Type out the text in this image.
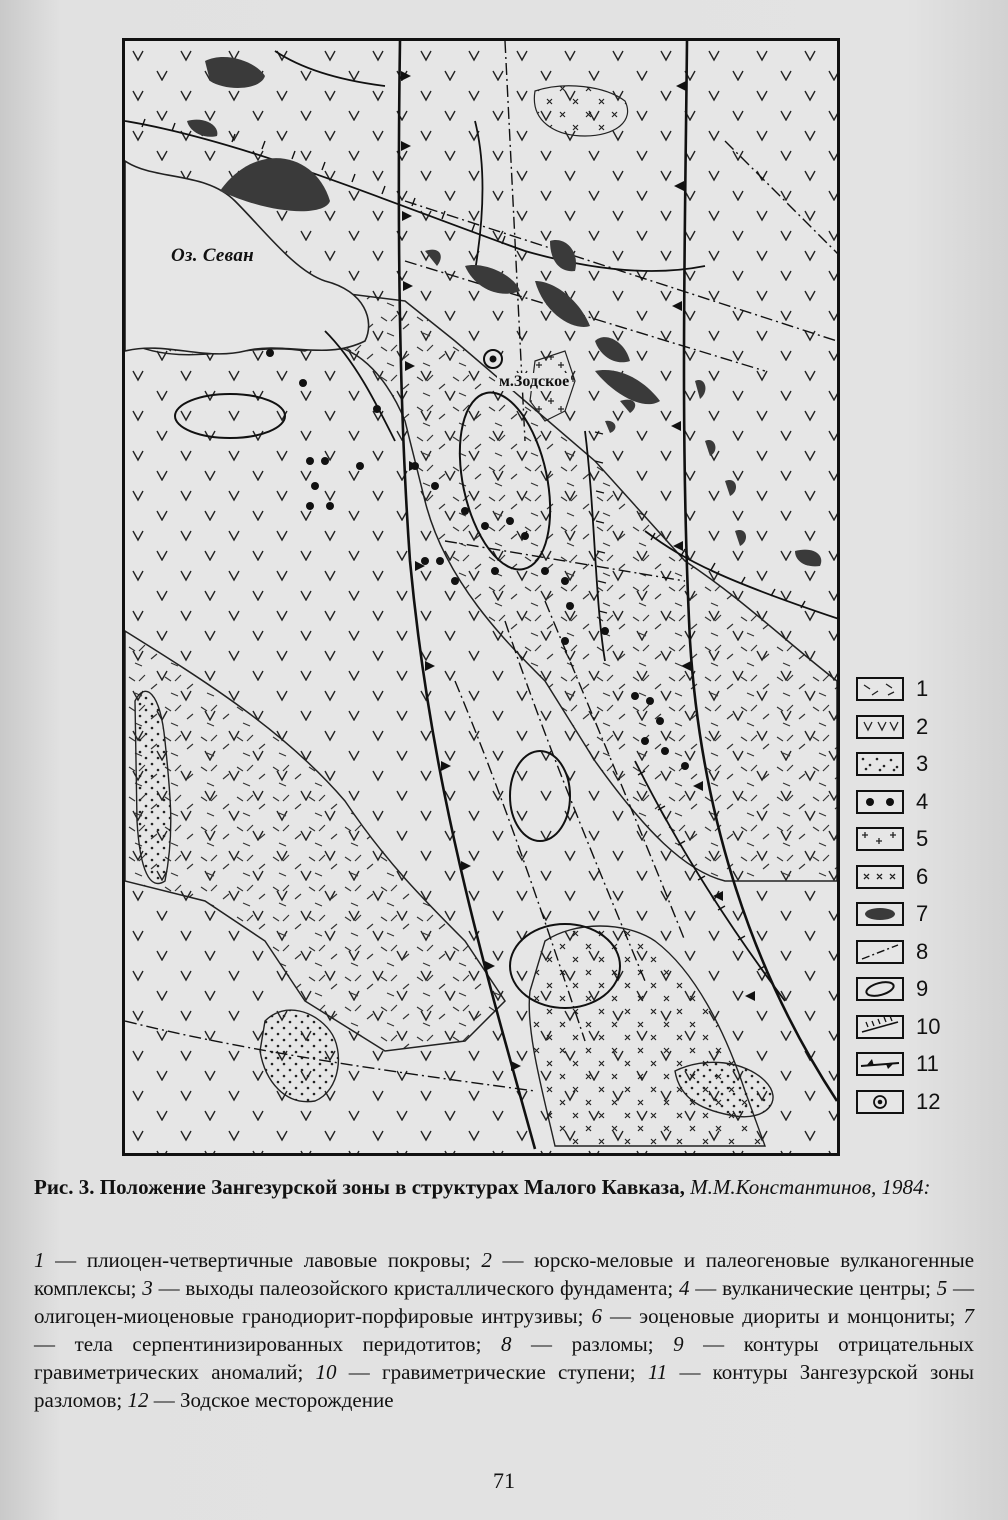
Оз. Севан
м.Зодское
1
2
3
4
5
6
7
8
9
10
11
12
Рис. 3. Положение Зангезурской зоны в структурах Малого Кавказа, М.М.Константинов, 1984:
1 — плиоцен-четвертичные лавовые покровы; 2 — юрско-меловые и палеогеновые вулканогенные комплексы; 3 — выходы палеозойского кристаллического фундамента; 4 — вулканические центры; 5 — олигоцен-миоценовые гранодиорит-порфировые интрузивы; 6 — эоценовые диориты и монцониты; 7 — тела серпентинизированных перидотитов; 8 — разломы; 9 — контуры отрицательных гравиметрических аномалий; 10 — гравиметрические ступени; 11 — контуры Зангезурской зоны разломов; 12 — Зодское месторождение
71
